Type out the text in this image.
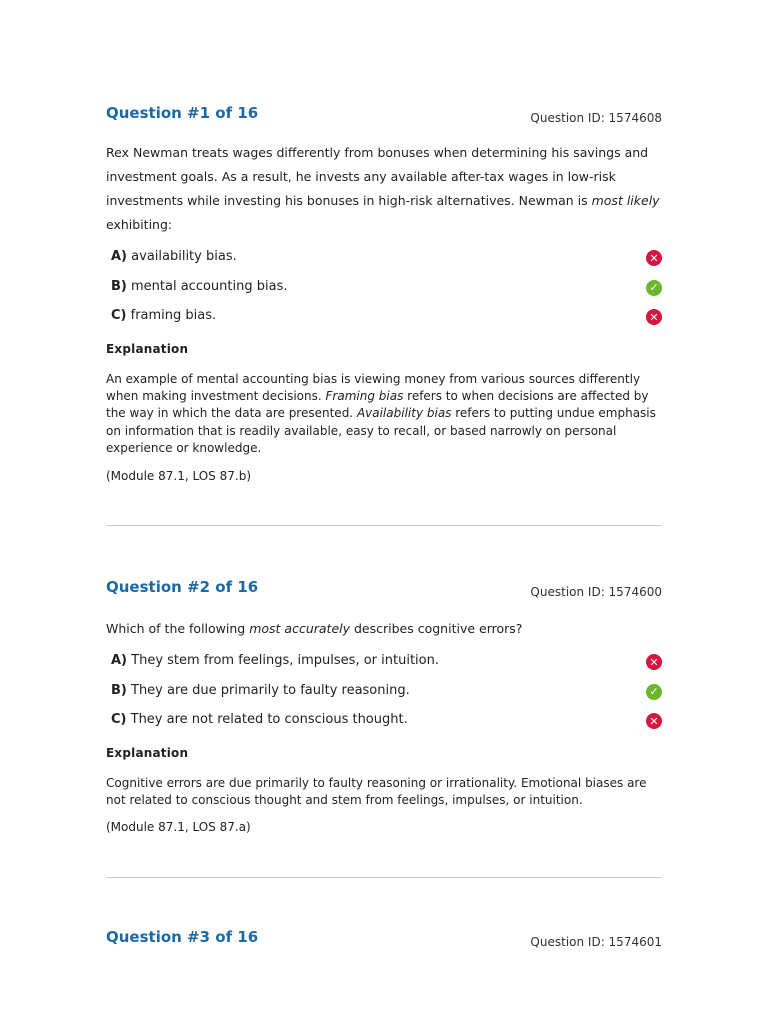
Question #1 of 16	Question ID: 1574608
Rex Newman treats wages differently from bonuses when determining his savings and investment goals. As a result, he invests any available after-tax wages in low-risk investments while investing his bonuses in high-risk alternatives. Newman is most likely exhibiting:
A) availability bias.	✕
B) mental accounting bias.	✓
C) framing bias.	✕
Explanation
An example of mental accounting bias is viewing money from various sources differently when making investment decisions. Framing bias refers to when decisions are affected by the way in which the data are presented. Availability bias refers to putting undue emphasis on information that is readily available, easy to recall, or based narrowly on personal experience or knowledge.
(Module 87.1, LOS 87.b)
Question #2 of 16	Question ID: 1574600
Which of the following most accurately describes cognitive errors?
A) They stem from feelings, impulses, or intuition.	✕
B) They are due primarily to faulty reasoning.	✓
C) They are not related to conscious thought.	✕
Explanation
Cognitive errors are due primarily to faulty reasoning or irrationality. Emotional biases are not related to conscious thought and stem from feelings, impulses, or intuition.
(Module 87.1, LOS 87.a)
Question #3 of 16	Question ID: 1574601
